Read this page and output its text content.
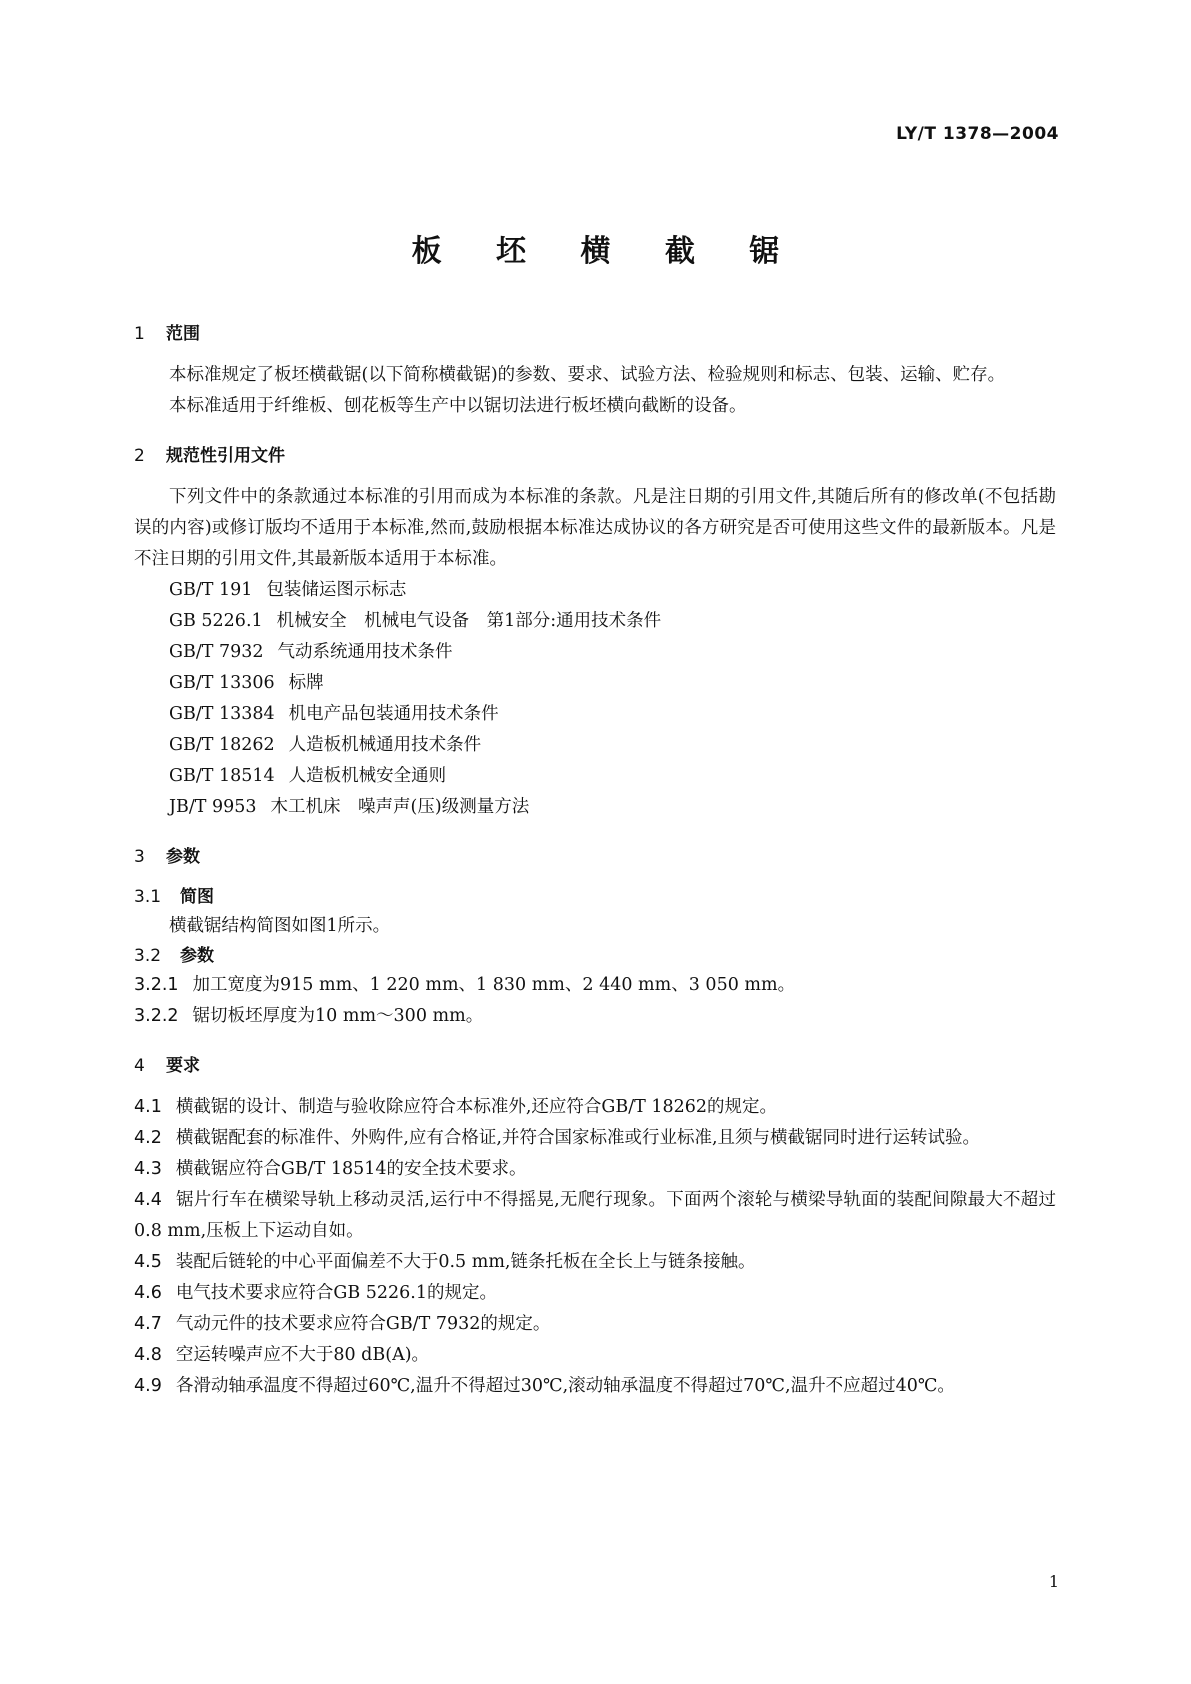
LY/T 1378—2004
板 坯 横 截 锯
1 范围

本标准规定了板坯横截锯(以下简称横截锯)的参数、要求、试验方法、检验规则和标志、包装、运输、贮存。

本标准适用于纤维板、刨花板等生产中以锯切法进行板坯横向截断的设备。

2 规范性引用文件

下列文件中的条款通过本标准的引用而成为本标准的条款。凡是注日期的引用文件,其随后所有的修改单(不包括勘误的内容)或修订版均不适用于本标准,然而,鼓励根据本标准达成协议的各方研究是否可使用这些文件的最新版本。凡是不注日期的引用文件,其最新版本适用于本标准。

GB/T 191 包装储运图示标志

GB 5226.1 机械安全　机械电气设备　第1部分:通用技术条件

GB/T 7932 气动系统通用技术条件

GB/T 13306 标牌

GB/T 13384 机电产品包装通用技术条件

GB/T 18262 人造板机械通用技术条件

GB/T 18514 人造板机械安全通则

JB/T 9953 木工机床　噪声声(压)级测量方法

3 参数
3.1 简图

横截锯结构简图如图1所示。

3.2 参数

3.2.1 加工宽度为915 mm、1 220 mm、1 830 mm、2 440 mm、3 050 mm。

3.2.2 锯切板坯厚度为10 mm～300 mm。

4 要求

4.1 横截锯的设计、制造与验收除应符合本标准外,还应符合GB/T 18262的规定。

4.2 横截锯配套的标准件、外购件,应有合格证,并符合国家标准或行业标准,且须与横截锯同时进行运转试验。

4.3 横截锯应符合GB/T 18514的安全技术要求。

4.4 锯片行车在横梁导轨上移动灵活,运行中不得摇晃,无爬行现象。下面两个滚轮与横梁导轨面的装配间隙最大不超过0.8 mm,压板上下运动自如。

4.5 装配后链轮的中心平面偏差不大于0.5 mm,链条托板在全长上与链条接触。

4.6 电气技术要求应符合GB 5226.1的规定。

4.7 气动元件的技术要求应符合GB/T 7932的规定。

4.8 空运转噪声应不大于80 dB(A)。

4.9 各滑动轴承温度不得超过60℃,温升不得超过30℃,滚动轴承温度不得超过70℃,温升不应超过40℃。

1
